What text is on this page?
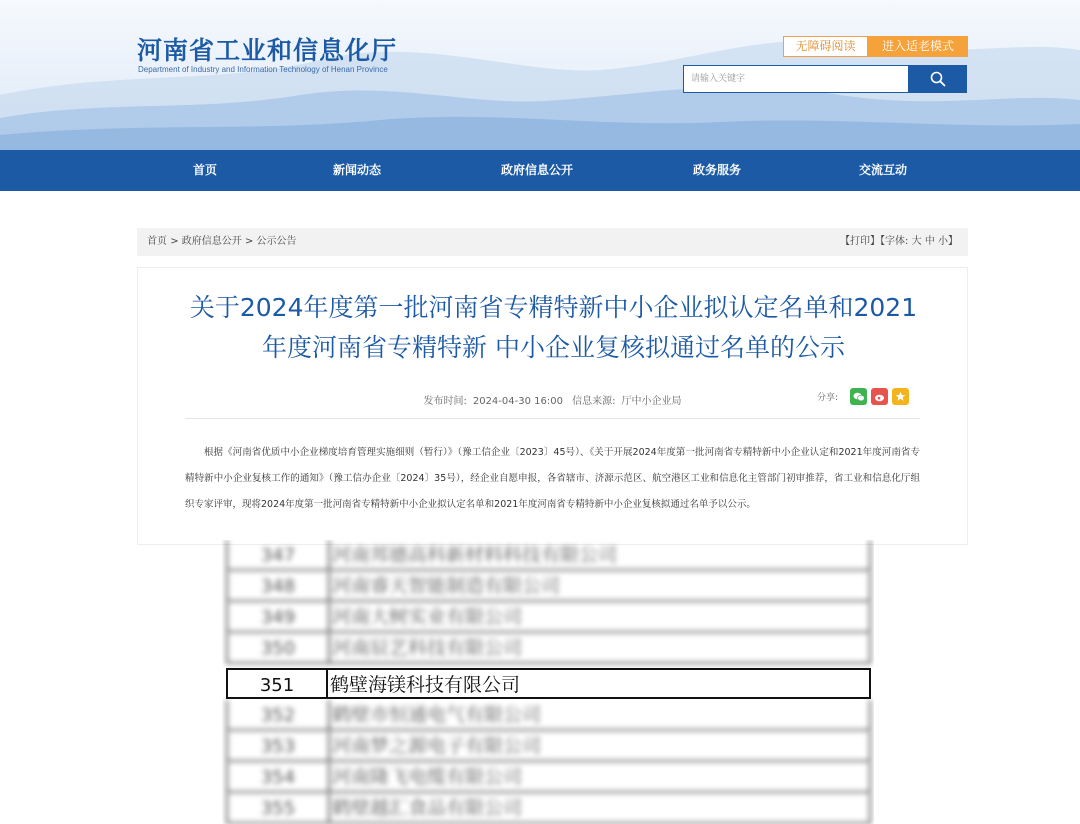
河南省工业和信息化厅
Department of Industry and Information Technology of Henan Province
无障碍阅读	进入适老模式
请输入关键字
首页	新闻动态	政府信息公开	政务服务	交流互动
首页 > 政府信息公开 > 公示公告	【打印】【字体: 大 中 小】
关于2024年度第一批河南省专精特新中小企业拟认定名单和2021年度河南省专精特新 中小企业复核拟通过名单的公示
发布时间: 2024-04-30 16:00 信息来源: 厅中小企业局	分享:
根据《河南省优质中小企业梯度培育管理实施细则（暂行）》（豫工信企业〔2023〕45号）、《关于开展2024年度第一批河南省专精特新中小企业认定和2021年度河南省专精特新中小企业复核工作的通知》（豫工信办企业〔2024〕35号），经企业自愿申报，各省辖市、济源示范区、航空港区工业和信息化主管部门初审推荐，省工业和信息化厅组织专家评审，现将2024年度第一批河南省专精特新中小企业拟认定名单和2021年度河南省专精特新中小企业复核拟通过名单予以公示。
347	河南邦德高科新材料科技有限公司
348	河南睿天智能制造有限公司
349	河南大树实业有限公司
350	河南辰艺科技有限公司
351	鹤壁海镁科技有限公司
352	鹤壁市恒通电气有限公司
353	河南梦之源电子有限公司
354	河南隆飞电缆有限公司
355	鹤壁越汇食品有限公司
